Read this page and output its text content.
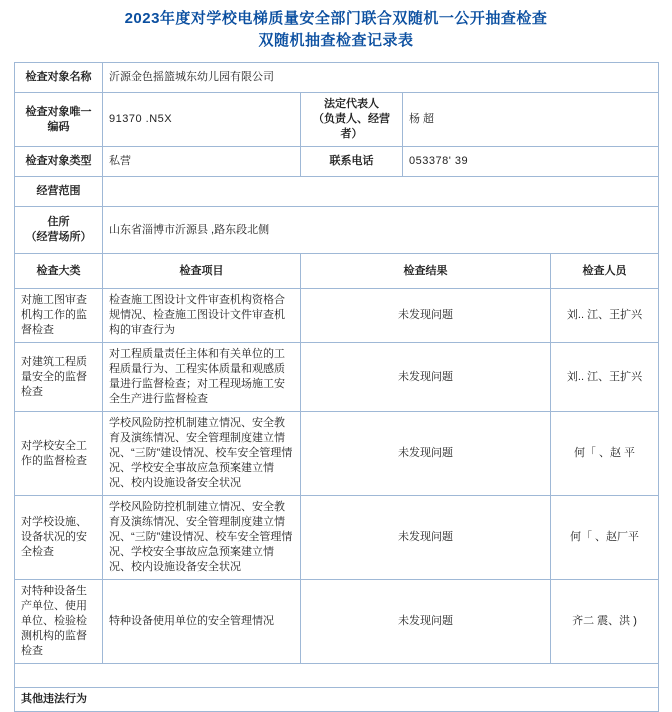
2023年度对学校电梯质量安全部门联合双随机一公开抽查检查
双随机抽查检查记录表
检查对象名称	沂源金色摇篮城东幼儿园有限公司			
检查对象唯一编码	91370 .N5X	法定代表人
（负责人、经营者）	杨 超	
检查对象类型	私营	联系电话	053378' 39	
经营范围				

住所
（经营场所）	山东省淄博市沂源县 ,路东段北侧			
检查大类	检查项目	检查结果		检查人员
对施工图审查机构工作的监督检查	检查施工图设计文件审查机构资格合规情况、检查施工图设计文件审查机构的审查行为	未发现问题		刘.. 江、王扩兴
对建筑工程质量安全的监督检查	对工程质量责任主体和有关单位的工程质量行为、工程实体质量和观感质量进行监督检查；对工程现场施工安全生产进行监督检查	未发现问题		刘.. 江、王扩兴
对学校安全工作的监督检查	学校风险防控机制建立情况、安全教育及演练情况、安全管理制度建立情况、“三防”建设情况、校车安全管理情况、学校安全事故应急预案建立情况、校内设施设备安全状况	未发现问题		何「 、赵 平
对学校设施、设备状况的安全检查	学校风险防控机制建立情况、安全教育及演练情况、安全管理制度建立情况、“三防”建设情况、校车安全管理情况、学校安全事故应急预案建立情况、校内设施设备安全状况	未发现问题		何「 、赵厂平
对特种设备生产单位、使用单位、检验检测机构的监督检查	特种设备使用单位的安全管理情况	未发现问题		齐二 震、洪 )

其他违法行为				
